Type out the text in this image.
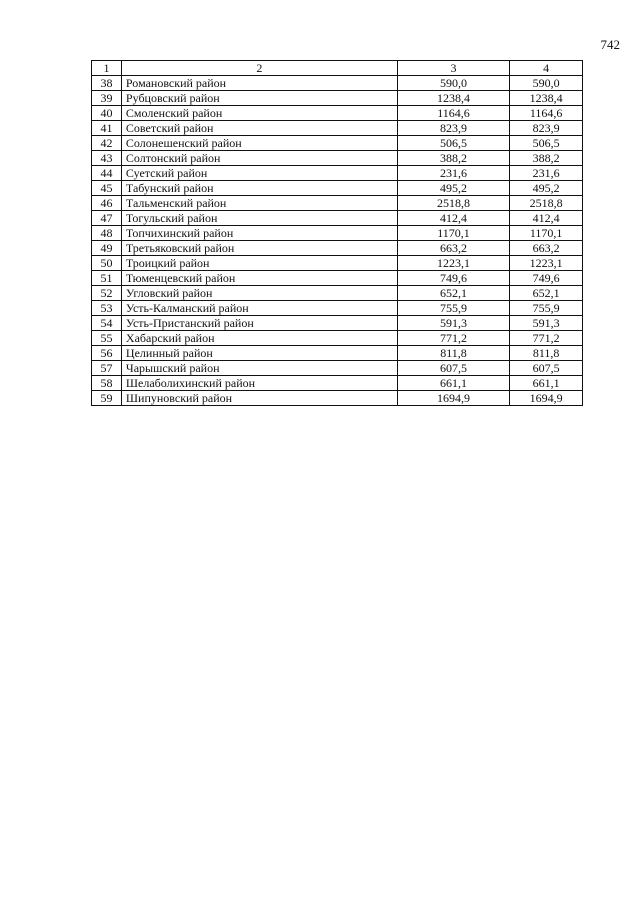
742
1	2	3	4
38	Романовский район	590,0	590,0
39	Рубцовский район	1238,4	1238,4
40	Смоленский район	1164,6	1164,6
41	Советский район	823,9	823,9
42	Солонешенский район	506,5	506,5
43	Солтонский район	388,2	388,2
44	Суетский район	231,6	231,6
45	Табунский район	495,2	495,2
46	Тальменский район	2518,8	2518,8
47	Тогульский район	412,4	412,4
48	Топчихинский район	1170,1	1170,1
49	Третьяковский район	663,2	663,2
50	Троицкий район	1223,1	1223,1
51	Тюменцевский район	749,6	749,6
52	Угловский район	652,1	652,1
53	Усть-Калманский район	755,9	755,9
54	Усть-Пристанский район	591,3	591,3
55	Хабарский район	771,2	771,2
56	Целинный район	811,8	811,8
57	Чарышский район	607,5	607,5
58	Шелаболихинский район	661,1	661,1
59	Шипуновский район	1694,9	1694,9
